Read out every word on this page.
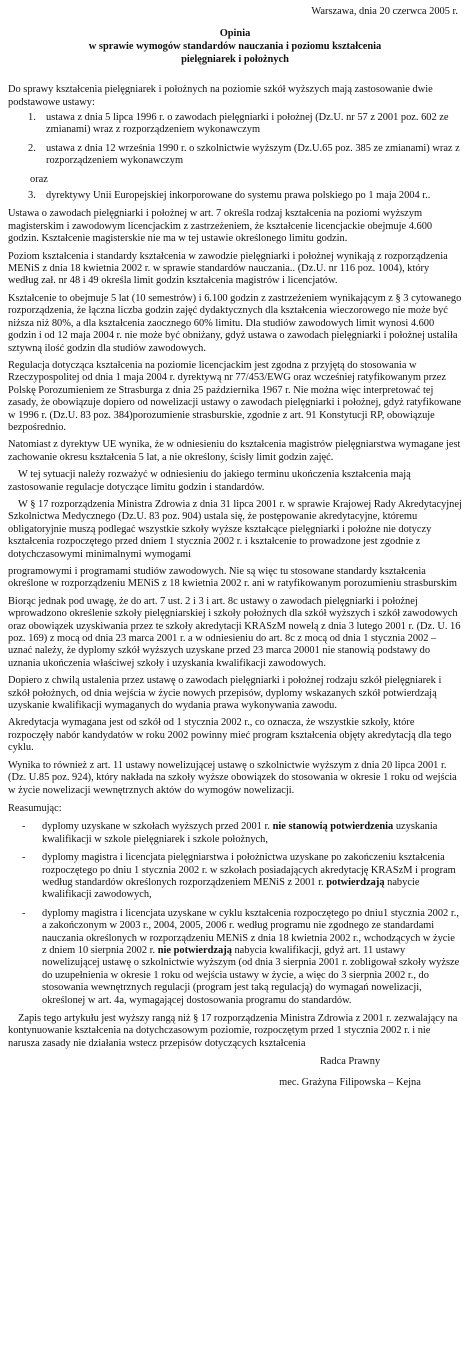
Warszawa, dnia 20 czerwca 2005 r.
Opinia
w sprawie wymogów standardów nauczania i poziomu kształcenia
pielęgniarek i położnych

Do sprawy kształcenia pielęgniarek i położnych na poziomie szkół wyższych mają zastosowanie dwie podstawowe ustawy:

1. ustawa z dnia 5 lipca 1996 r. o zawodach pielęgniarki i położnej (Dz.U. nr 57 z 2001 poz. 602 ze zmianami) wraz z rozporządzeniem wykonawczym
2. ustawa z dnia 12 września 1990 r. o szkolnictwie wyższym (Dz.U.65 poz. 385 ze zmianami) wraz z rozporządzeniem wykonawczym
oraz
3. dyrektywy Unii Europejskiej inkorporowane do systemu prawa polskiego po 1 maja 2004 r..

Ustawa o zawodach pielęgniarki i położnej w art. 7 określa rodzaj kształcenia na poziomi wyższym magisterskim i zawodowym licencjackim z zastrzeżeniem, że kształcenie licencjackie obejmuje 4.600 godzin. Kształcenie magisterskie nie ma w tej ustawie określonego limitu godzin.

Poziom kształcenia i standardy kształcenia w zawodzie pielęgniarki i położnej wynikają z rozporządzenia MENiS z dnia 18 kwietnia 2002 r. w sprawie standardów nauczania.. (Dz.U. nr 116 poz. 1004), który według zał. nr 48 i 49 określa limit godzin kształcenia magistrów i licencjatów.

Kształcenie to obejmuje 5 lat (10 semestrów) i 6.100 godzin z zastrzeżeniem wynikającym z § 3 cytowanego rozporządzenia, że łączna liczba godzin zajęć dydaktycznych dla kształcenia wieczorowego nie może być niższa niż 80%, a dla kształcenia zaocznego 60% limitu. Dla studiów zawodowych limit wynosi 4.600 godzin i od 12 maja 2004 r. nie może być obniżany, gdyż ustawa o zawodach pielęgniarki i położnej ustaliła sztywną ilość godzin dla studiów zawodowych.

Regulacja dotycząca kształcenia na poziomie licencjackim jest zgodna z przyjętą do stosowania w Rzeczypospolitej od dnia 1 maja 2004 r. dyrektywą nr 77/453/EWG oraz wcześniej ratyfikowanym przez Polskę Porozumieniem ze Strasburga z dnia 25 października 1967 r. Nie można więc interpretować tej zasady, że obowiązuje dopiero od nowelizacji ustawy o zawodach pielęgniarki i położnej, gdyż ratyfikowane w 1996 r. (Dz.U. 83 poz. 384)porozumienie strasburskie, zgodnie z art. 91 Konstytucji RP, obowiązuje bezpośrednio.

Natomiast z dyrektyw UE wynika, że w odniesieniu do kształcenia magistrów pielęgniarstwa wymagane jest zachowanie okresu kształcenia 5 lat, a nie określony, ścisły limit godzin zajęć.

W tej sytuacji należy rozważyć w odniesieniu do jakiego terminu ukończenia kształcenia mają zastosowanie regulacje dotyczące limitu godzin i standardów.

W § 17 rozporządzenia Ministra Zdrowia z dnia 31 lipca 2001 r. w sprawie Krajowej Rady Akredytacyjnej Szkolnictwa Medycznego (Dz.U. 83 poz. 904) ustala się, że postępowanie akredytacyjne, któremu obligatoryjnie muszą podlegać wszystkie szkoły wyższe kształcące pielęgniarki i położne nie dotyczy kształcenia rozpoczętego przed dniem 1 stycznia 2002 r. i kształcenie to prowadzone jest zgodnie z dotychczasowymi minimalnymi wymogami

programowymi i programami studiów zawodowych. Nie są więc tu stosowane standardy kształcenia określone w rozporządzeniu MENiS z 18 kwietnia 2002 r. ani w ratyfikowanym porozumieniu strasburskim

Biorąc jednak pod uwagę, że do art. 7 ust. 2 i 3 i art. 8c ustawy o zawodach pielęgniarki i położnej wprowadzono określenie szkoły pielęgniarskiej i szkoły położnych dla szkół wyższych i szkół zawodowych oraz obowiązek uzyskiwania przez te szkoły akredytacji KRASzM nowelą z dnia 3 lutego 2001 r. (Dz. U. 16 poz. 169) z mocą od dnia 23 marca 2001 r. a w odniesieniu do art. 8c z mocą od dnia 1 stycznia 2002 – uznać należy, że dyplomy szkół wyższych uzyskane przed 23 marca 20001 nie stanowią podstawy do uznania ukończenia właściwej szkoły i uzyskania kwalifikacji zawodowych.

Dopiero z chwilą ustalenia przez ustawę o zawodach pielęgniarki i położnej rodzaju szkół pielęgniarek i szkół położnych, od dnia wejścia w życie nowych przepisów, dyplomy wskazanych szkół potwierdzają uzyskanie kwalifikacji wymaganych do wydania prawa wykonywania zawodu.

Akredytacja wymagana jest od szkół od 1 stycznia 2002 r., co oznacza, że wszystkie szkoły, które rozpoczęły nabór kandydatów w roku 2002 powinny mieć program kształcenia objęty akredytacją dla tego cyklu.

Wynika to również z art. 11 ustawy nowelizującej ustawę o szkolnictwie wyższym z dnia 20 lipca 2001 r. (Dz. U.85 poz. 924), który nakłada na szkoły wyższe obowiązek do stosowania w okresie 1 roku od wejścia w życie nowelizacji wewnętrznych aktów do wymogów nowelizacji.

Reasumując:
- dyplomy uzyskane w szkołach wyższych przed 2001 r. nie stanowią potwierdzenia uzyskania kwalifikacji w szkole pielęgniarek i szkole położnych,
- dyplomy magistra i licencjata pielęgniarstwa i położnictwa uzyskane po zakończeniu kształcenia rozpoczętego po dniu 1 stycznia 2002 r. w szkołach posiadających akredytację KRASzM i program według standardów określonych rozporządzeniem MENiS z 2001 r. potwierdzają nabycie kwalifikacji zawodowych,
- dyplomy magistra i licencjata uzyskane w cyklu kształcenia rozpoczętego po dniu1 stycznia 2002 r., a zakończonym w 2003 r., 2004, 2005, 2006 r. według programu nie zgodnego ze standardami nauczania określonych w rozporządzeniu MENiS z dnia 18 kwietnia 2002 r., wchodzących w życie z dniem 10 sierpnia 2002 r. nie potwierdzają nabycia kwalifikacji, gdyż art. 11 ustawy nowelizującej ustawę o szkolnictwie wyższym (od dnia 3 sierpnia 2001 r. zobligował szkoły wyższe do uzupełnienia w okresie 1 roku od wejścia ustawy w życie, a więc do 3 sierpnia 2002 r., do stosowania wewnętrznych regulacji (program jest taką regulacją) do wymagań nowelizacji, określonej w art. 4a, wymagającej dostosowania programu do standardów.

Zapis tego artykułu jest wyższy rangą niż § 17 rozporządzenia Ministra Zdrowia z 2001 r. zezwalający na kontynuowanie kształcenia na dotychczasowym poziomie, rozpoczętym przed 1 stycznia 2002 r. i nie narusza zasady nie działania wstecz przepisów dotyczących kształcenia

Radca Prawny
mec. Grażyna Filipowska – Kejna
